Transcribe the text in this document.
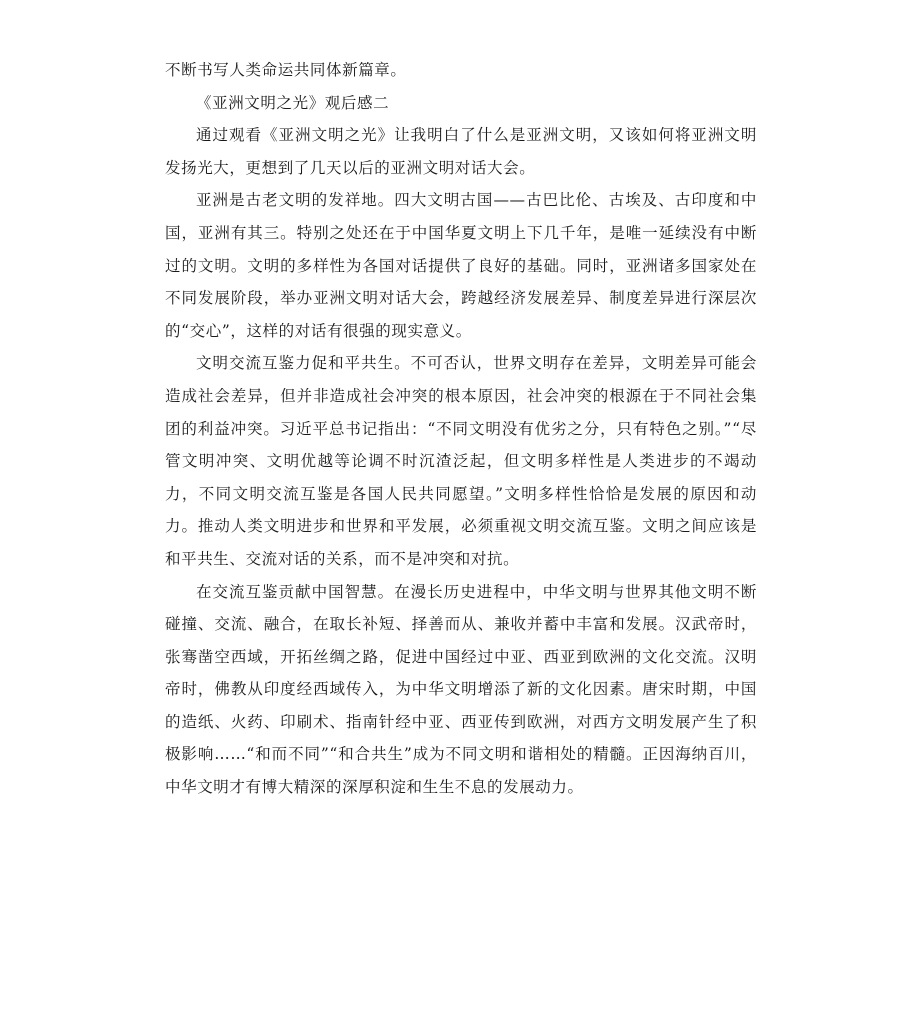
不断书写人类命运共同体新篇章。

《亚洲文明之光》观后感二

通过观看《亚洲文明之光》让我明白了什么是亚洲文明，又该如何将亚洲文明发扬光大，更想到了几天以后的亚洲文明对话大会。

亚洲是古老文明的发祥地。四大文明古国——古巴比伦、古埃及、古印度和中国，亚洲有其三。特别之处还在于中国华夏文明上下几千年，是唯一延续没有中断过的文明。文明的多样性为各国对话提供了良好的基础。同时，亚洲诸多国家处在不同发展阶段，举办亚洲文明对话大会，跨越经济发展差异、制度差异进行深层次的“交心”，这样的对话有很强的现实意义。

文明交流互鉴力促和平共生。不可否认，世界文明存在差异，文明差异可能会造成社会差异，但并非造成社会冲突的根本原因，社会冲突的根源在于不同社会集团的利益冲突。习近平总书记指出：“不同文明没有优劣之分，只有特色之别。”“尽管文明冲突、文明优越等论调不时沉渣泛起，但文明多样性是人类进步的不竭动力，不同文明交流互鉴是各国人民共同愿望。”文明多样性恰恰是发展的原因和动力。推动人类文明进步和世界和平发展，必须重视文明交流互鉴。文明之间应该是和平共生、交流对话的关系，而不是冲突和对抗。

在交流互鉴贡献中国智慧。在漫长历史进程中，中华文明与世界其他文明不断碰撞、交流、融合，在取长补短、择善而从、兼收并蓄中丰富和发展。汉武帝时，张骞凿空西域，开拓丝绸之路，促进中国经过中亚、西亚到欧洲的文化交流。汉明帝时，佛教从印度经西域传入，为中华文明增添了新的文化因素。唐宋时期，中国的造纸、火药、印刷术、指南针经中亚、西亚传到欧洲，对西方文明发展产生了积极影响……“和而不同”“和合共生”成为不同文明和谐相处的精髓。正因海纳百川，中华文明才有博大精深的深厚积淀和生生不息的发展动力。
